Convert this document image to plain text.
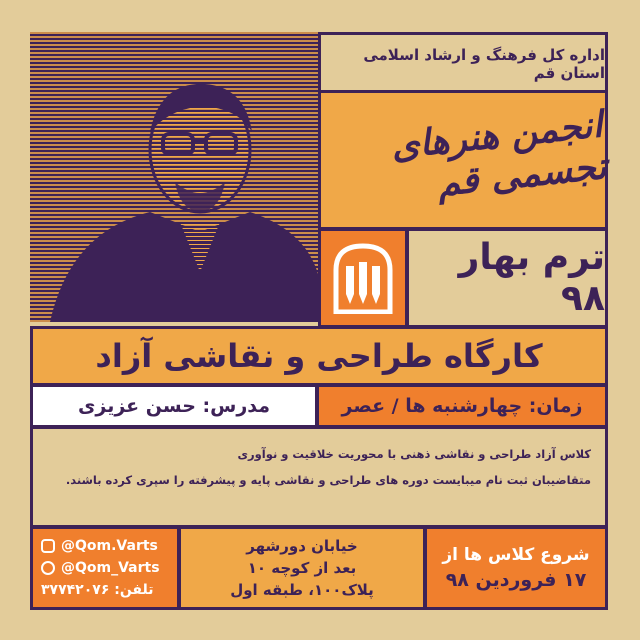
اداره کل فرهنگ و ارشاد اسلامی استان قم
انجمن هنرهای تجسمی قم
ترم بهار ۹۸
کارگاه طراحی و نقاشی آزاد
مدرس: حسن عزیزی	زمان: چهارشنبه ها / عصر

کلاس آزاد طراحی و نقاشی ذهنی با محوریت خلاقیت و نوآوری

متقاضیبان ثبت نام میبایست دوره های طراحی و نقاشی پایه و پیشرفته را سپری کرده باشند.

@Qom.Varts
@Qom_Varts
تلفن: ۳۷۷۴۲۰۷۶
خیابان دورشهر
بعد از کوچه ۱۰
پلاک۱۰۰، طبقه اول
شروع کلاس ها از
۱۷ فروردین ۹۸
